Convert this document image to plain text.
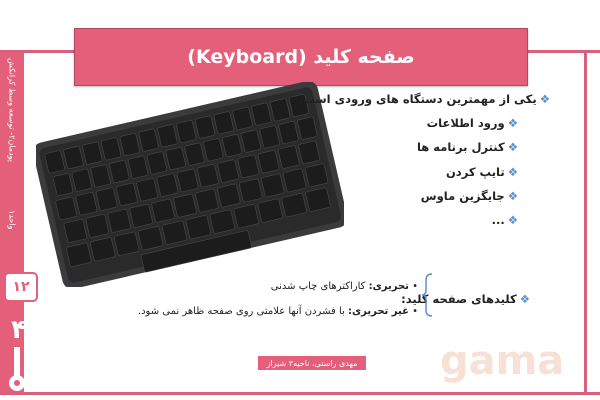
پودمان۲- توسعه وسط کرانکش
واحد۱
۱۲
۴
صفحه کلید (Keyboard)
❖یکی از مهمترین دستگاه های ورودی است.
❖ورود اطلاعات
❖کنترل برنامه ها
❖تایپ کردن
❖جایگزین ماوس
❖...
❖کلیدهای صفحه کلید:
• تحریری: کاراکترهای چاپ شدنی
• غیر تحریری: با فشردن آنها علامتی روی صفحه ظاهر نمی شود.
مهدی راستی، ناحیه۳ شیراز gama
